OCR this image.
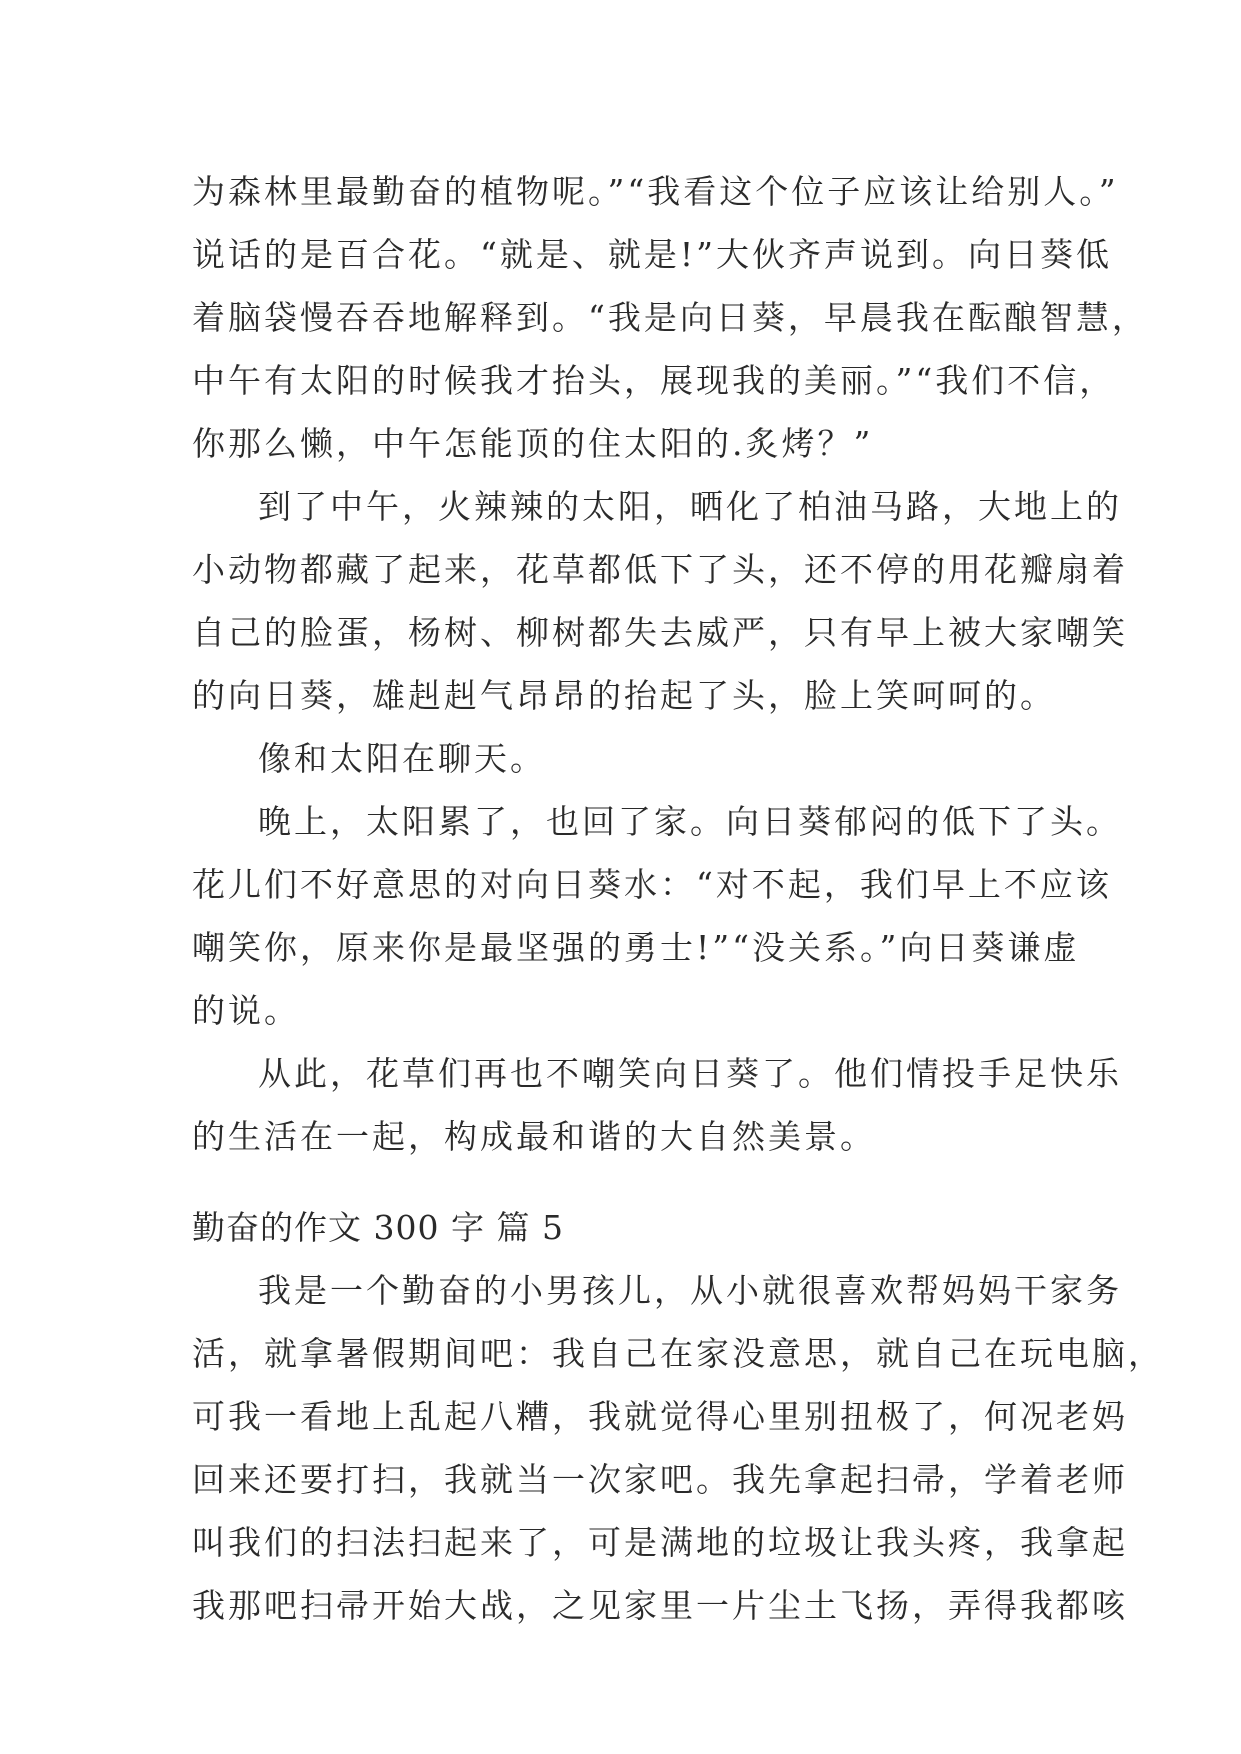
为森林里最勤奋的植物呢。”“我看这个位子应该让给别人。”
说话的是百合花。“就是、就是!”大伙齐声说到。向日葵低
着脑袋慢吞吞地解释到。“我是向日葵，早晨我在酝酿智慧，
中午有太阳的时候我才抬头，展现我的美丽。”“我们不信，
你那么懒，中午怎能顶的住太阳的.炙烤？”
到了中午，火辣辣的太阳，晒化了柏油马路，大地上的
小动物都藏了起来，花草都低下了头，还不停的用花瓣扇着
自己的脸蛋，杨树、柳树都失去威严，只有早上被大家嘲笑
的向日葵，雄赳赳气昂昂的抬起了头，脸上笑呵呵的。
像和太阳在聊天。
晚上，太阳累了，也回了家。向日葵郁闷的低下了头。
花儿们不好意思的对向日葵水：“对不起，我们早上不应该
嘲笑你，原来你是最坚强的勇士!”“没关系。”向日葵谦虚
的说。
从此，花草们再也不嘲笑向日葵了。他们情投手足快乐
的生活在一起，构成最和谐的大自然美景。
勤奋的作文 300 字 篇 5
我是一个勤奋的小男孩儿，从小就很喜欢帮妈妈干家务
活，就拿暑假期间吧：我自己在家没意思，就自己在玩电脑，
可我一看地上乱起八糟，我就觉得心里别扭极了，何况老妈
回来还要打扫，我就当一次家吧。我先拿起扫帚，学着老师
叫我们的扫法扫起来了，可是满地的垃圾让我头疼，我拿起
我那吧扫帚开始大战，之见家里一片尘土飞扬，弄得我都咳
